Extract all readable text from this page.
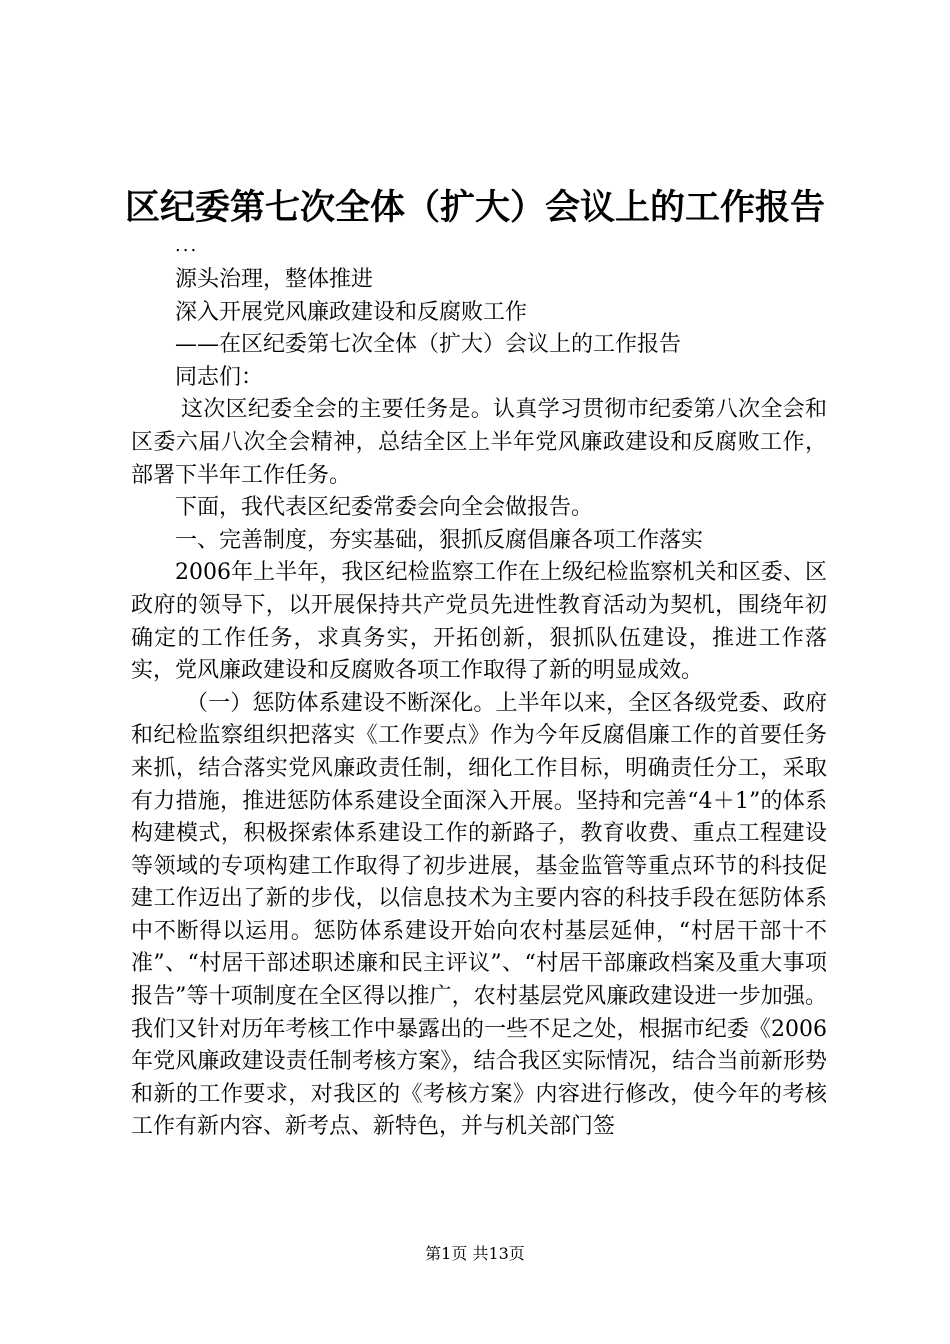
区纪委第七次全体（扩大）会议上的工作报告
...

源头治理，整体推进

深入开展党风廉政建设和反腐败工作

——在区纪委第七次全体（扩大）会议上的工作报告

同志们：

这次区纪委全会的主要任务是。认真学习贯彻市纪委第八次全会和区委六届八次全会精神，总结全区上半年党风廉政建设和反腐败工作，部署下半年工作任务。

下面，我代表区纪委常委会向全会做报告。

一、完善制度，夯实基础，狠抓反腐倡廉各项工作落实

2006年上半年，我区纪检监察工作在上级纪检监察机关和区委、区政府的领导下，以开展保持共产党员先进性教育活动为契机，围绕年初确定的工作任务，求真务实，开拓创新，狠抓队伍建设，推进工作落实，党风廉政建设和反腐败各项工作取得了新的明显成效。

（一）惩防体系建设不断深化。上半年以来，全区各级党委、政府和纪检监察组织把落实《工作要点》作为今年反腐倡廉工作的首要任务来抓，结合落实党风廉政责任制，细化工作目标，明确责任分工，采取有力措施，推进惩防体系建设全面深入开展。坚持和完善“4＋1”的体系构建模式，积极探索体系建设工作的新路子，教育收费、重点工程建设等领域的专项构建工作取得了初步进展，基金监管等重点环节的科技促建工作迈出了新的步伐，以信息技术为主要内容的科技手段在惩防体系中不断得以运用。惩防体系建设开始向农村基层延伸，“村居干部十不准”、“村居干部述职述廉和民主评议”、“村居干部廉政档案及重大事项报告”等十项制度在全区得以推广，农村基层党风廉政建设进一步加强。我们又针对历年考核工作中暴露出的一些不足之处，根据市纪委《2006年党风廉政建设责任制考核方案》，结合我区实际情况，结合当前新形势和新的工作要求，对我区的《考核方案》内容进行修改，使今年的考核工作有新内容、新考点、新特色，并与机关部门签

第1页 共13页
